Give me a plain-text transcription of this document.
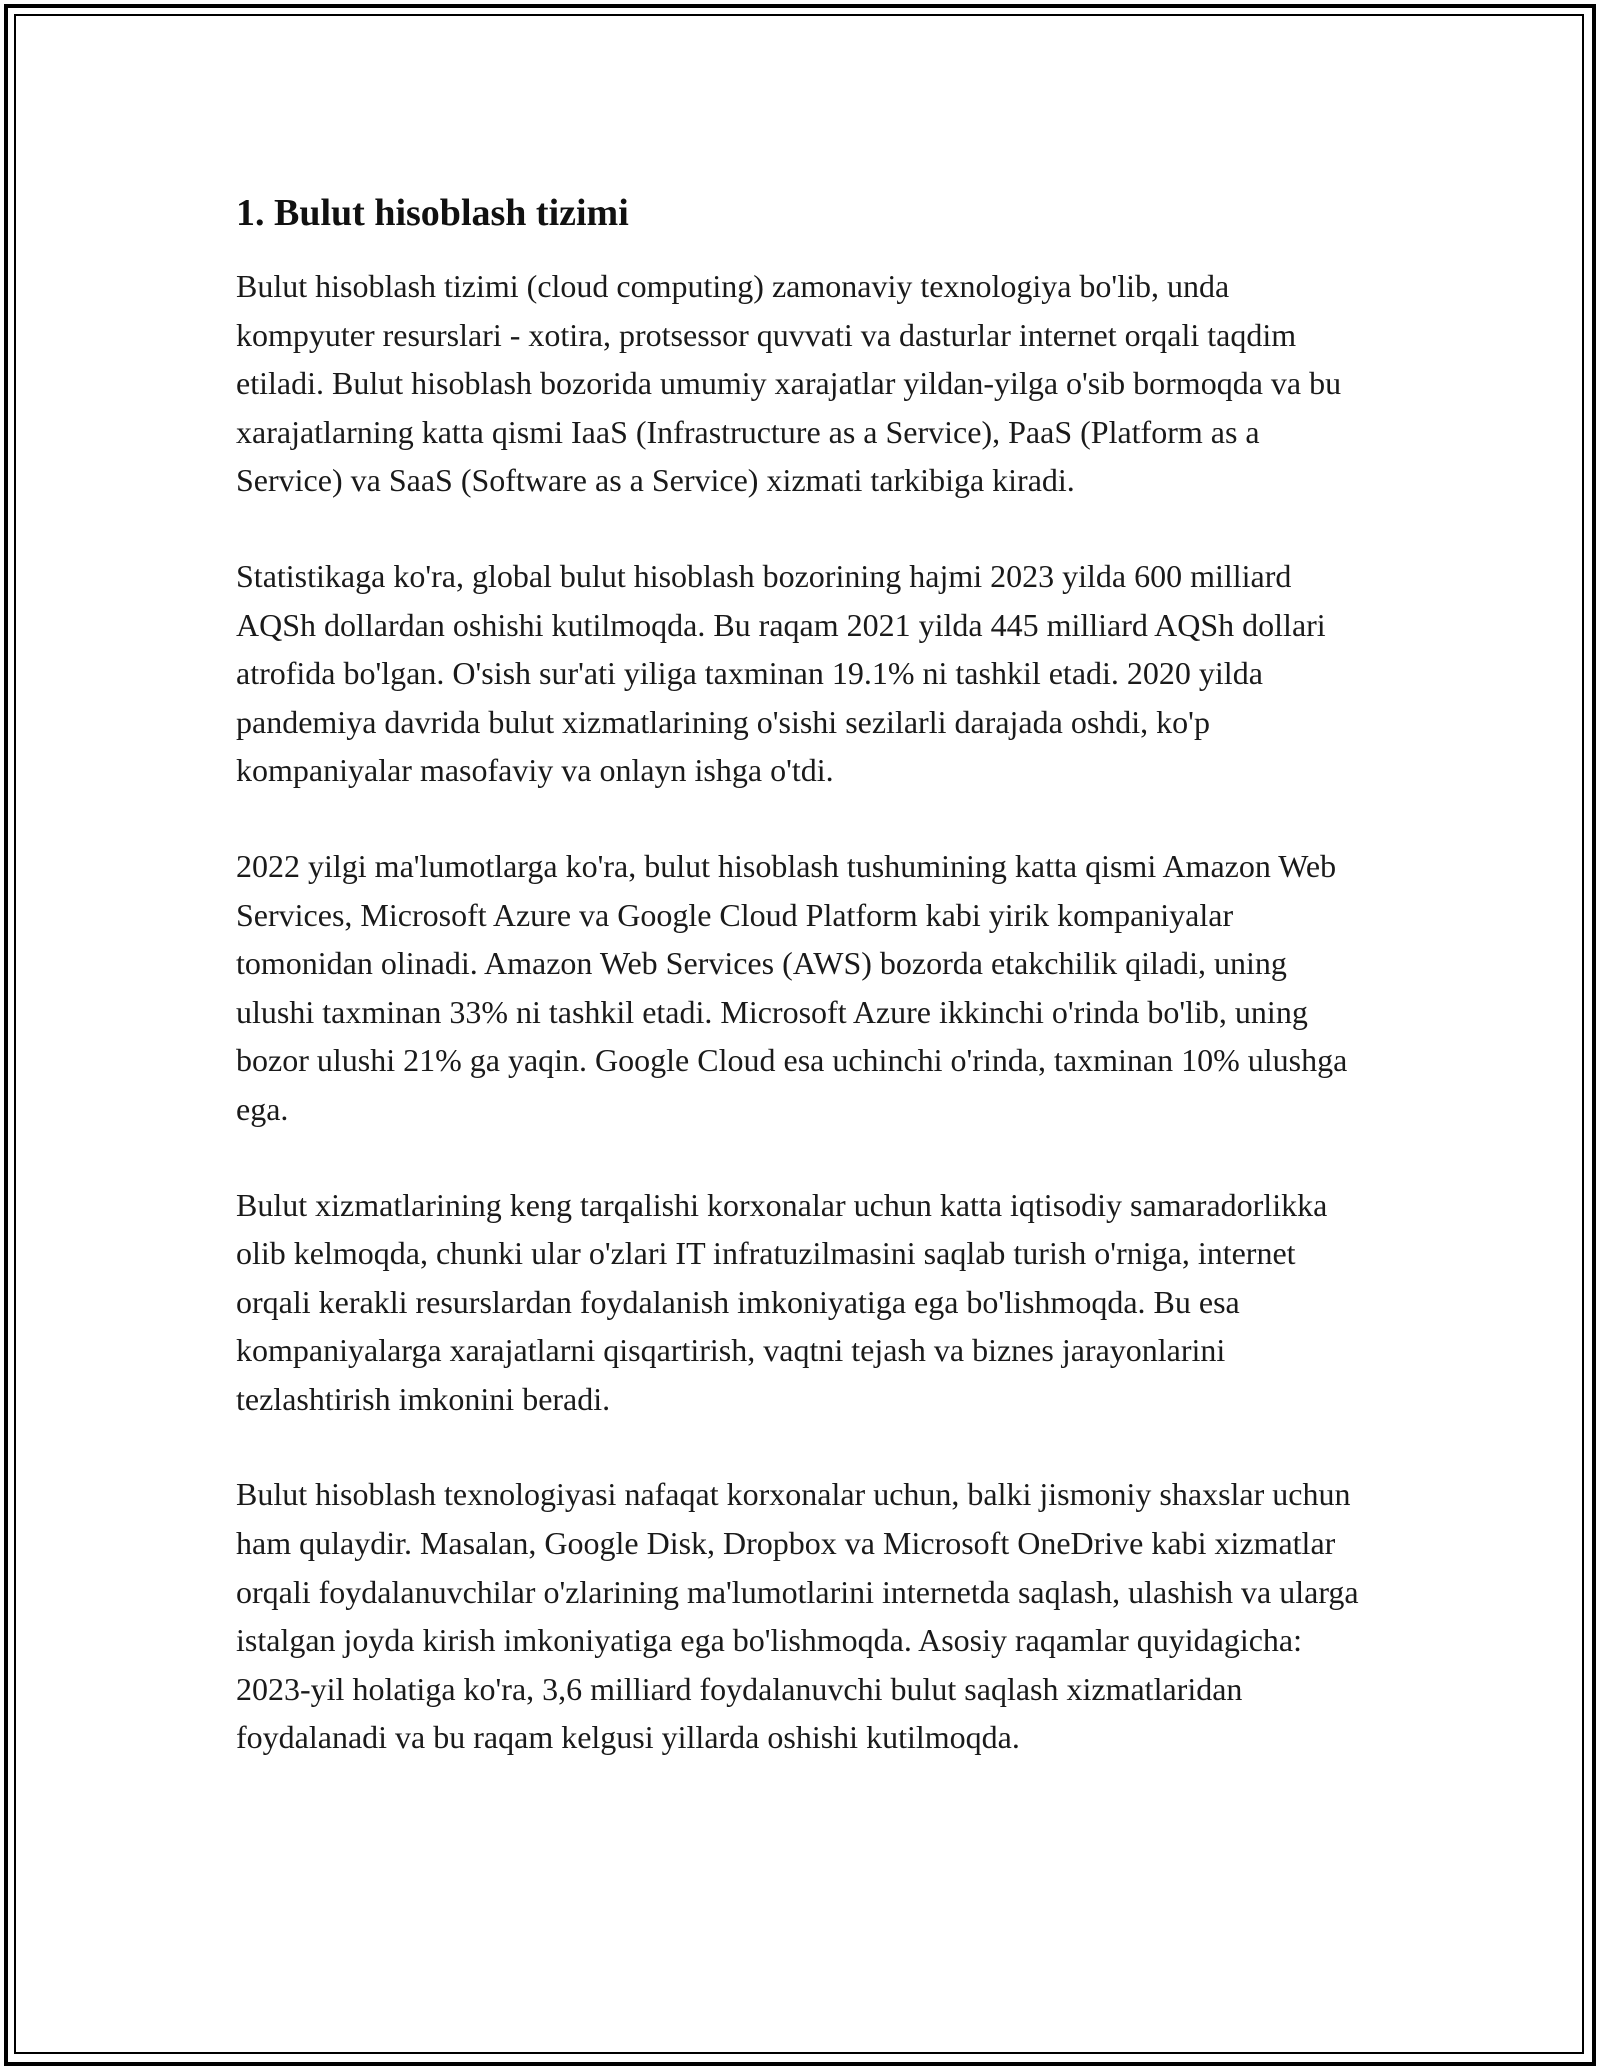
1. Bulut hisoblash tizimi

Bulut hisoblash tizimi (cloud computing) zamonaviy texnologiya bo'lib, unda kompyuter resurslari - xotira, protsessor quvvati va dasturlar internet orqali taqdim etiladi. Bulut hisoblash bozorida umumiy xarajatlar yildan-yilga o'sib bormoqda va bu xarajatlarning katta qismi IaaS (Infrastructure as a Service), PaaS (Platform as a Service) va SaaS (Software as a Service) xizmati tarkibiga kiradi.

Statistikaga ko'ra, global bulut hisoblash bozorining hajmi 2023 yilda 600 milliard AQSh dollardan oshishi kutilmoqda. Bu raqam 2021 yilda 445 milliard AQSh dollari atrofida bo'lgan. O'sish sur'ati yiliga taxminan 19.1% ni tashkil etadi. 2020 yilda pandemiya davrida bulut xizmatlarining o'sishi sezilarli darajada oshdi, ko'p kompaniyalar masofaviy va onlayn ishga o'tdi.

2022 yilgi ma'lumotlarga ko'ra, bulut hisoblash tushumining katta qismi Amazon Web Services, Microsoft Azure va Google Cloud Platform kabi yirik kompaniyalar tomonidan olinadi. Amazon Web Services (AWS) bozorda etakchilik qiladi, uning ulushi taxminan 33% ni tashkil etadi. Microsoft Azure ikkinchi o'rinda bo'lib, uning bozor ulushi 21% ga yaqin. Google Cloud esa uchinchi o'rinda, taxminan 10% ulushga ega.

Bulut xizmatlarining keng tarqalishi korxonalar uchun katta iqtisodiy samaradorlikka olib kelmoqda, chunki ular o'zlari IT infratuzilmasini saqlab turish o'rniga, internet orqali kerakli resurslardan foydalanish imkoniyatiga ega bo'lishmoqda. Bu esa kompaniyalarga xarajatlarni qisqartirish, vaqtni tejash va biznes jarayonlarini tezlashtirish imkonini beradi.

Bulut hisoblash texnologiyasi nafaqat korxonalar uchun, balki jismoniy shaxslar uchun ham qulaydir. Masalan, Google Disk, Dropbox va Microsoft OneDrive kabi xizmatlar orqali foydalanuvchilar o'zlarining ma'lumotlarini internetda saqlash, ulashish va ularga istalgan joyda kirish imkoniyatiga ega bo'lishmoqda. Asosiy raqamlar quyidagicha: 2023-yil holatiga ko'ra, 3,6 milliard foydalanuvchi bulut saqlash xizmatlaridan foydalanadi va bu raqam kelgusi yillarda oshishi kutilmoqda.
